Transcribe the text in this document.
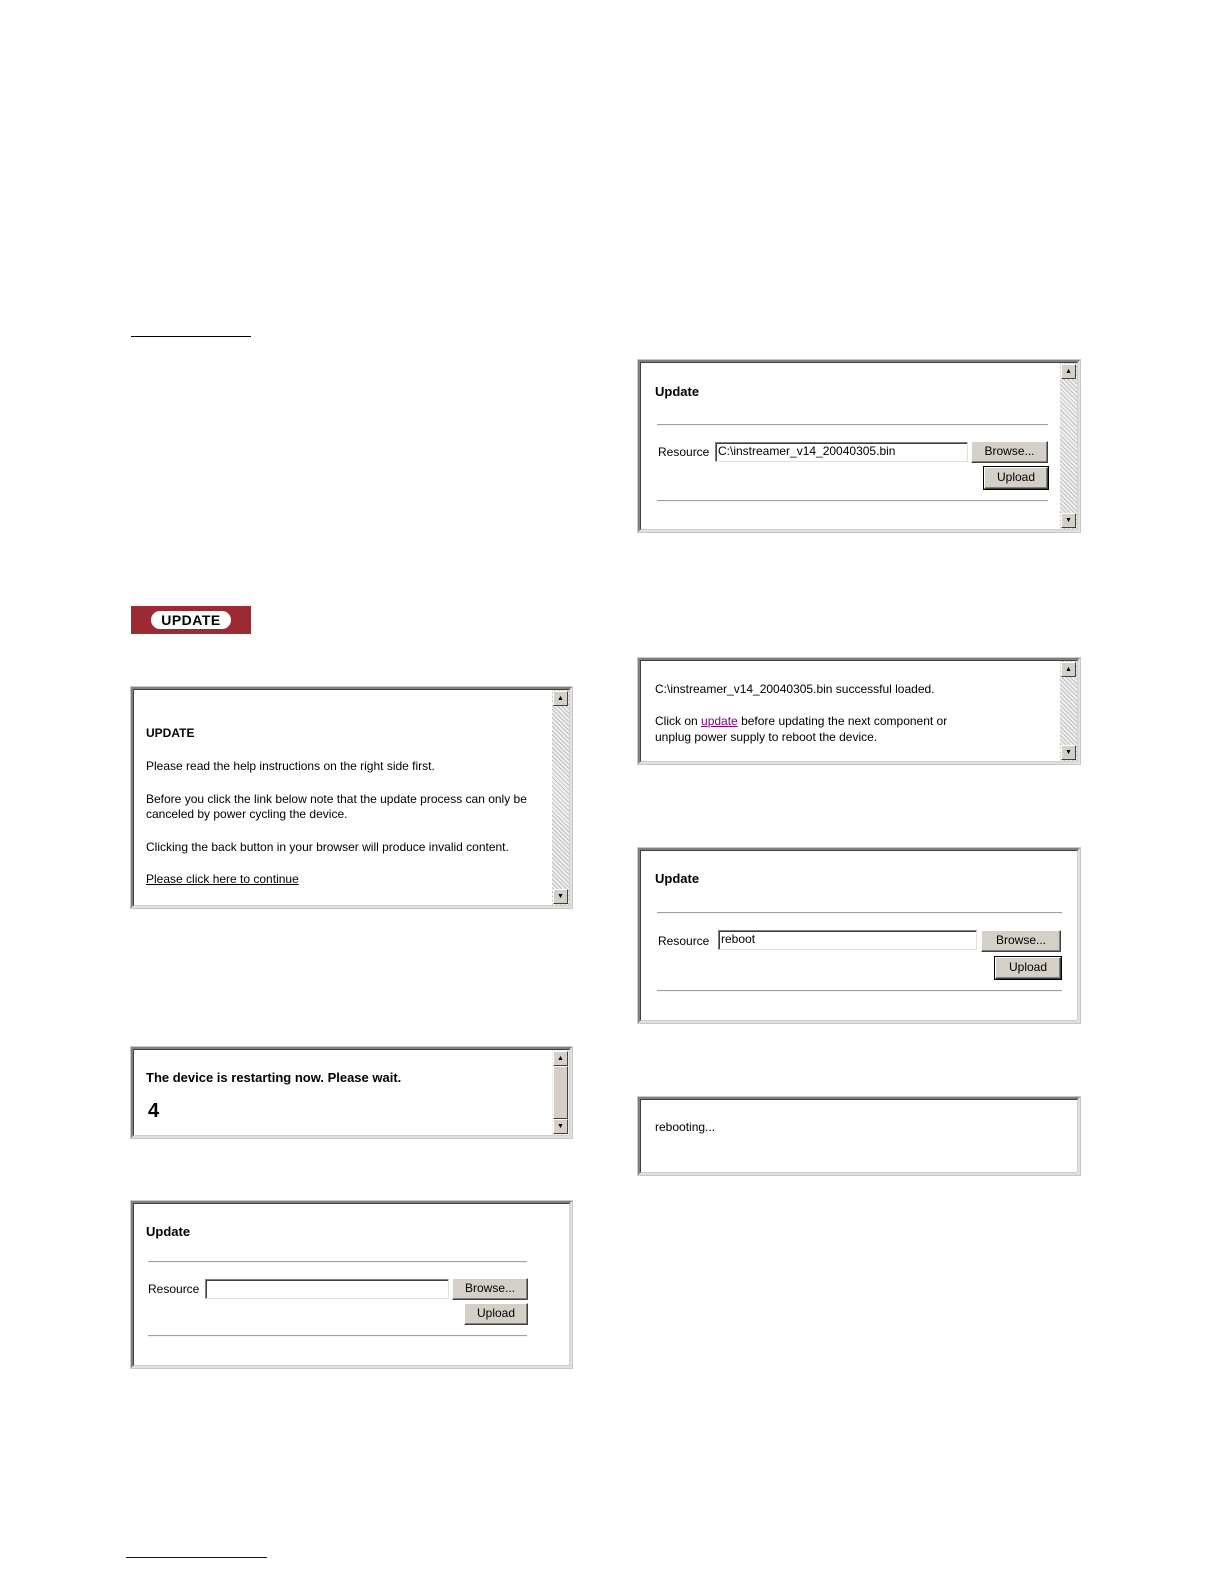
UPDATE
UPDATE
Please read the help instructions on the right side first.
Before you click the link below note that the update process can only be
canceled by power cycling the device.
Clicking the back button in your browser will produce invalid content.
Please click here to continue
▲
▼
The device is restarting now. Please wait.
4
▲
▼
Update
Resource	Browse...
Upload
Update
Resource C:\instreamer_v14_20040305.bin	Browse...
Upload
▲
▼
C:\instreamer_v14_20040305.bin successful loaded.
Click on update before updating the next component or
unplug power supply to reboot the device.
▲
▼
Update
Resource reboot	Browse...
Upload
rebooting...
